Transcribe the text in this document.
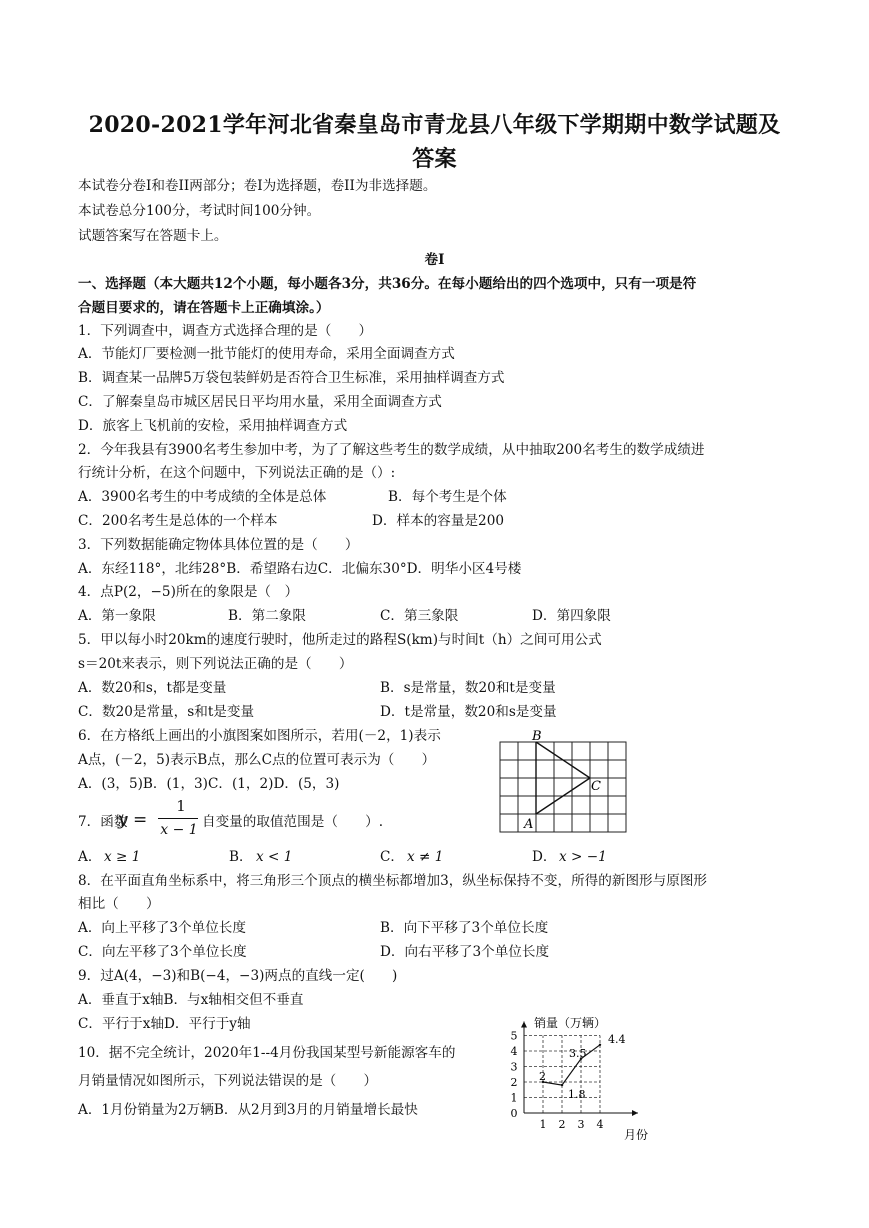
2020-2021学年河北省秦皇岛市青龙县八年级下学期期中数学试题及
答案
本试卷分卷I和卷II两部分；卷I为选择题，卷II为非选择题。
本试卷总分100分，考试时间100分钟。
试题答案写在答题卡上。
卷I
一、选择题（本大题共12个小题，每小题各3分，共36分。在每小题给出的四个选项中，只有一项是符
合题目要求的，请在答题卡上正确填涂。）
1．下列调查中，调查方式选择合理的是（　　）
A．节能灯厂要检测一批节能灯的使用寿命，采用全面调查方式
B．调查某一品牌5万袋包装鲜奶是否符合卫生标准，采用抽样调查方式
C．了解秦皇岛市城区居民日平均用水量，采用全面调查方式
D．旅客上飞机前的安检，采用抽样调查方式
2．今年我县有3900名考生参加中考，为了了解这些考生的数学成绩，从中抽取200名考生的数学成绩进
行统计分析，在这个问题中，下列说法正确的是（）:
A．3900名考生的中考成绩的全体是总体	B．每个考生是个体
C．200名考生是总体的一个样本	D．样本的容量是200
3．下列数据能确定物体具体位置的是（　　）
A．东经118°，北纬28°B．希望路右边C．北偏东30°D．明华小区4号楼
4．点P(2，−5)所在的象限是（　）
A．第一象限	B．第二象限	C．第三象限	D．第四象限
5．甲以每小时20km的速度行驶时，他所走过的路程S(km)与时间t（h）之间可用公式
s＝20t来表示，则下列说法正确的是（　　）
A．数20和s，t都是变量	B．s是常量，数20和t是变量
C．数20是常量，s和t是变量	D．t是常量，数20和s是变量
6．在方格纸上画出的小旗图案如图所示，若用(－2，1)表示
A点，(－2，5)表示B点，那么C点的位置可表示为（　　）
A．(3，5)B．(1，3)C．(1，2)D．(5，3)
B
C
A
7．函数
y =
1
x − 1 自变量的取值范围是（　　）.
A． x ≥ 1	B． x < 1	C． x ≠ 1	D． x > −1
8．在平面直角坐标系中，将三角形三个顶点的横坐标都增加3，纵坐标保持不变，所得的新图形与原图形
相比（　　）
A．向上平移了3个单位长度	B．向下平移了3个单位长度
C．向左平移了3个单位长度	D．向右平移了3个单位长度
9．过A(4，−3)和B(−4，−3)两点的直线一定(　　)
A．垂直于x轴B．与x轴相交但不垂直
C．平行于x轴D．平行于y轴
10．据不完全统计，2020年1--4月份我国某型号新能源客车的
月销量情况如图所示，下列说法错误的是（　　）
A．1月份销量为2万辆B．从2月到3月的月销量增长最快	0
1
2
3
4
5
1 2 3 4
2
1.8
3.5
4.4
销量（万辆）
月份
